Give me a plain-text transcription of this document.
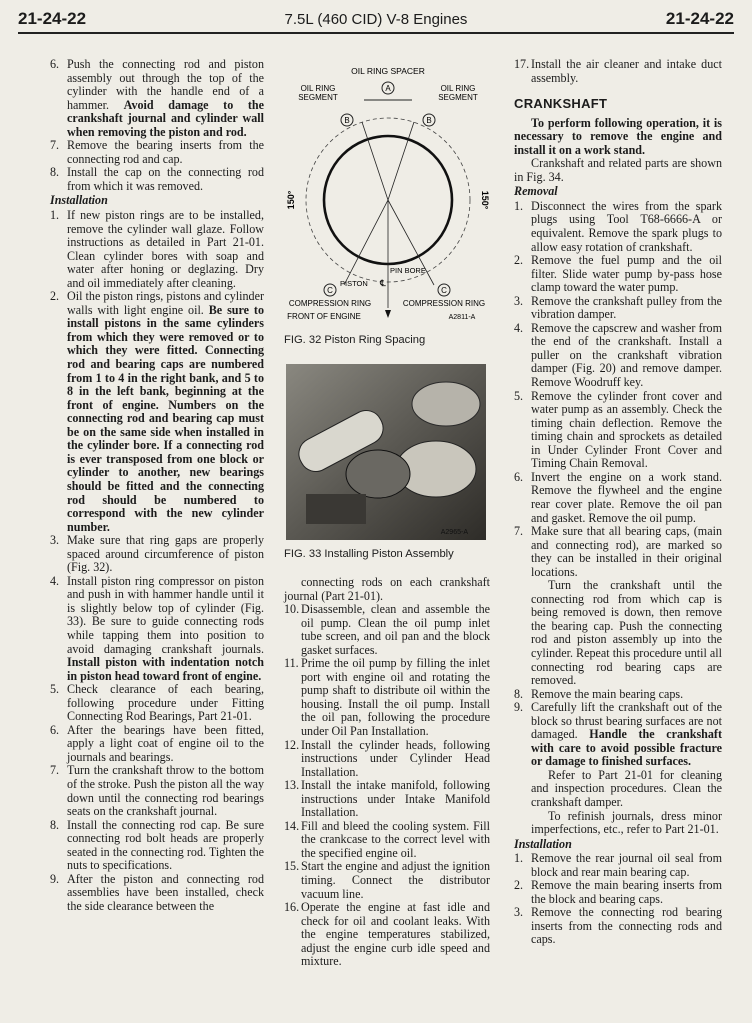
21-24-22	7.5L (460 CID) V-8 Engines	21-24-22

6. Push the connecting rod and piston assembly out through the top of the cylinder with the handle end of a hammer. Avoid damage to the crankshaft journal and cylinder wall when removing the piston and rod.

7. Remove the bearing inserts from the connecting rod and cap.

8. Install the cap on the connecting rod from which it was removed.

Installation

1. If new piston rings are to be installed, remove the cylinder wall glaze. Follow instructions as detailed in Part 21-01. Clean cylinder bores with soap and water after honing or deglazing. Dry and oil immediately after cleaning.

2. Oil the piston rings, pistons and cylinder walls with light engine oil. Be sure to install pistons in the same cylinders from which they were removed or to which they were fitted. Connecting rod and bearing caps are numbered from 1 to 4 in the right bank, and 5 to 8 in the left bank, beginning at the front of engine. Numbers on the connecting rod and bearing cap must be on the same side when installed in the cylinder bore. If a connecting rod is ever transposed from one block or cylinder to another, new bearings should be fitted and the connecting rod should be numbered to correspond with the new cylinder number.

3. Make sure that ring gaps are properly spaced around circumference of piston (Fig. 32).

4. Install piston ring compressor on piston and push in with hammer handle until it is slightly below top of cylinder (Fig. 33). Be sure to guide connecting rods while tapping them into position to avoid damaging crankshaft journals. Install piston with indentation notch in piston head toward front of engine.

5. Check clearance of each bearing, following procedure under Fitting Connecting Rod Bearings, Part 21-01.

6. After the bearings have been fitted, apply a light coat of engine oil to the journals and bearings.

7. Turn the crankshaft throw to the bottom of the stroke. Push the piston all the way down until the connecting rod bearings seats on the crankshaft journal.

8. Install the connecting rod cap. Be sure connecting rod bolt heads are properly seated in the connecting rod. Tighten the nuts to specifications.

9. After the piston and connecting rod assemblies have been installed, check the side clearance between the

OIL RING SPACER
OIL RING
SEGMENT
OIL RING
SEGMENT
A
B	B
150°	150°
PIN BORE
PISTON ℄
C	C
COMPRESSION RING	COMPRESSION RING
FRONT OF ENGINE	A2811-A

FIG. 32 Piston Ring Spacing

A2965-A

FIG. 33 Installing Piston Assembly

connecting rods on each crankshaft journal (Part 21-01).

10. Disassemble, clean and assemble the oil pump. Clean the oil pump inlet tube screen, and oil pan and the block gasket surfaces.

11. Prime the oil pump by filling the inlet port with engine oil and rotating the pump shaft to distribute oil within the housing. Install the oil pump. Install the oil pan, following the procedure under Oil Pan Installation.

12. Install the cylinder heads, following instructions under Cylinder Head Installation.

13. Install the intake manifold, following instructions under Intake Manifold Installation.

14. Fill and bleed the cooling system. Fill the crankcase to the correct level with the specified engine oil.

15. Start the engine and adjust the ignition timing. Connect the distributor vacuum line.

16. Operate the engine at fast idle and check for oil and coolant leaks. With the engine temperatures stabilized, adjust the engine curb idle speed and mixture.

17. Install the air cleaner and intake duct assembly.

CRANKSHAFT

To perform following operation, it is necessary to remove the engine and install it on a work stand.

Crankshaft and related parts are shown in Fig. 34.

Removal

1. Disconnect the wires from the spark plugs using Tool T68-6666-A or equivalent. Remove the spark plugs to allow easy rotation of crankshaft.

2. Remove the fuel pump and the oil filter. Slide water pump by-pass hose clamp toward the water pump.

3. Remove the crankshaft pulley from the vibration damper.

4. Remove the capscrew and washer from the end of the crankshaft. Install a puller on the crankshaft vibration damper (Fig. 20) and remove damper. Remove Woodruff key.

5. Remove the cylinder front cover and water pump as an assembly. Check the timing chain deflection. Remove the timing chain and sprockets as detailed in Under Cylinder Front Cover and Timing Chain Removal.

6. Invert the engine on a work stand. Remove the flywheel and the engine rear cover plate. Remove the oil pan and gasket. Remove the oil pump.

7. Make sure that all bearing caps, (main and connecting rod), are marked so they can be installed in their original locations.

Turn the crankshaft until the connecting rod from which cap is being removed is down, then remove the bearing cap. Push the connecting rod and piston assembly up into the cylinder. Repeat this procedure until all connecting rod bearing caps are removed.

8. Remove the main bearing caps.

9. Carefully lift the crankshaft out of the block so thrust bearing surfaces are not damaged. Handle the crankshaft with care to avoid possible fracture or damage to finished surfaces.

Refer to Part 21-01 for cleaning and inspection procedures. Clean the crankshaft damper.

To refinish journals, dress minor imperfections, etc., refer to Part 21-01.

Installation

1. Remove the rear journal oil seal from block and rear main bearing cap.

2. Remove the main bearing inserts from the block and bearing caps.

3. Remove the connecting rod bearing inserts from the connecting rods and caps.
